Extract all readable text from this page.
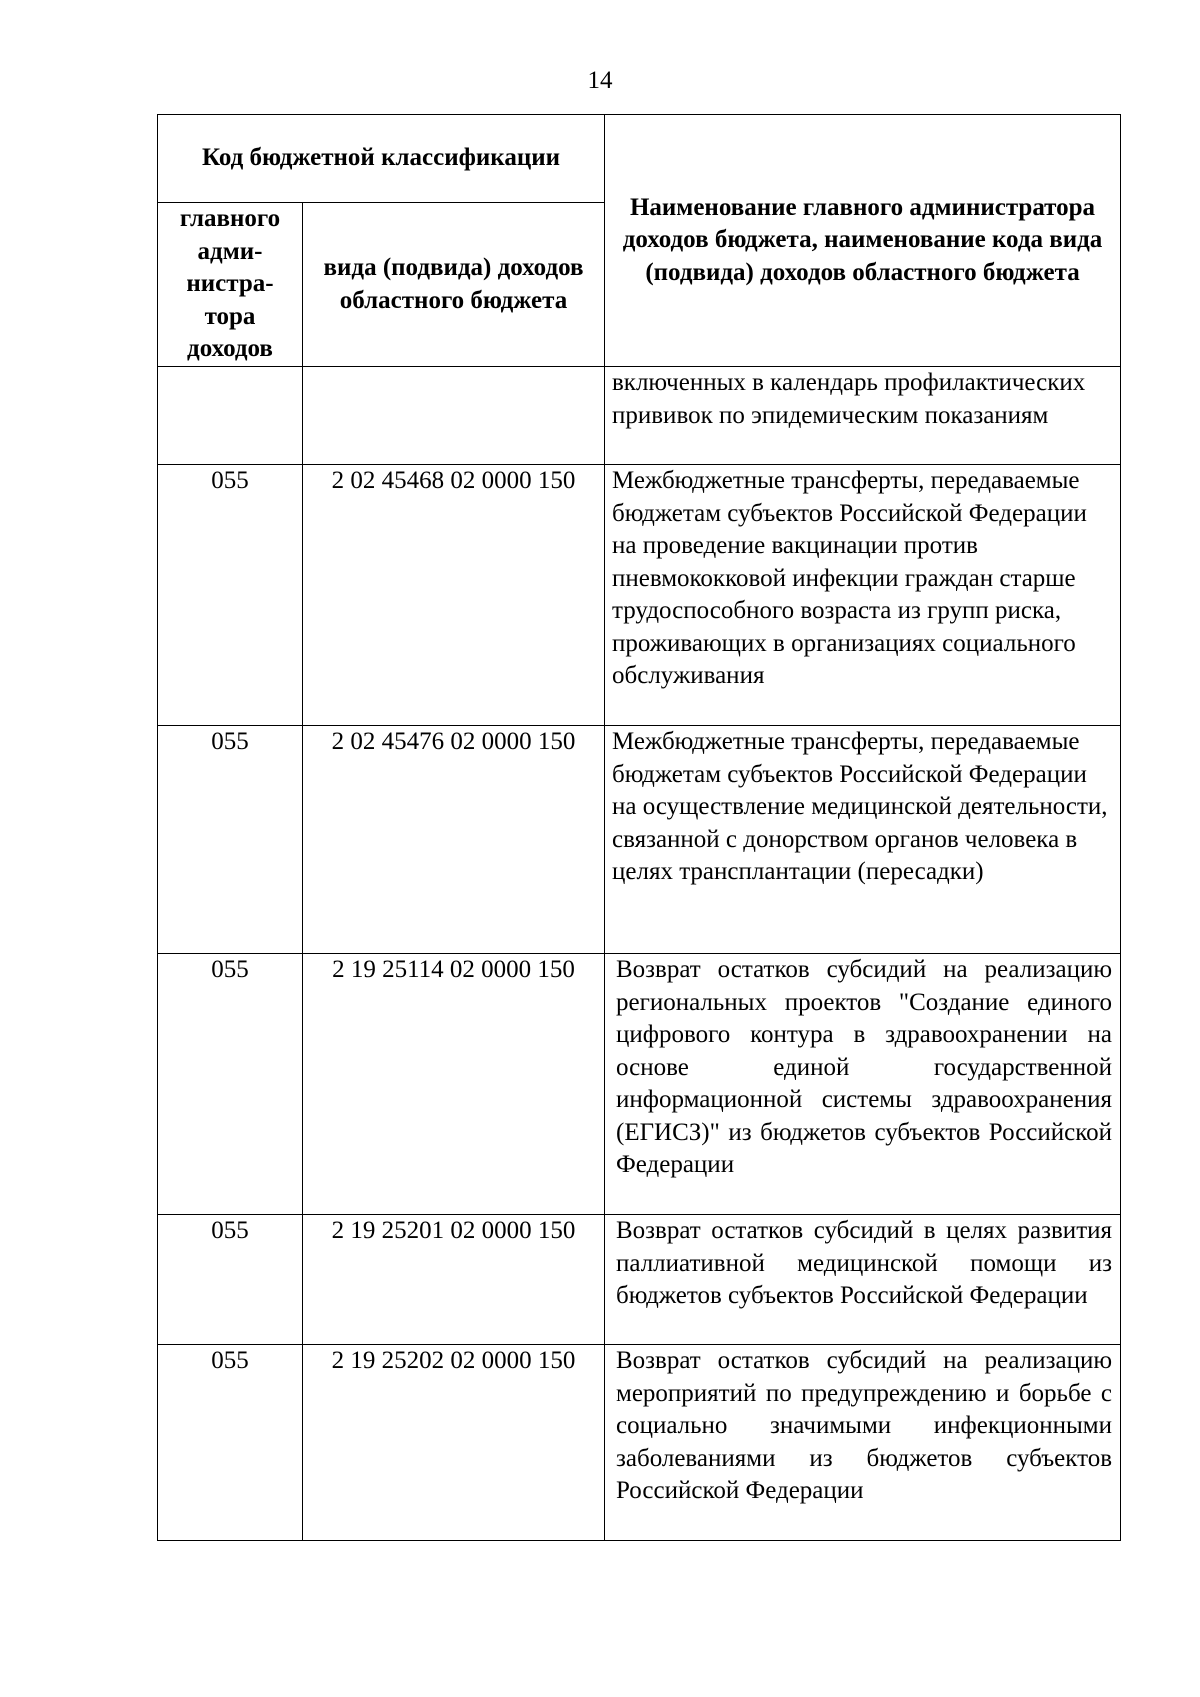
14
Код бюджетной классификации		Наименование главного администратора доходов бюджета, наименование кода вида (подвида) доходов областного бюджета
главного адми-нистра-тора доходов	вида (подвида) доходов областного бюджета	
		включенных в календарь профилактических прививок по эпидемическим показаниям
055	2 02 45468 02 0000 150	Межбюджетные трансферты, передаваемые бюджетам субъектов Российской Федерации на проведение вакцинации против пневмококковой инфекции граждан старше трудоспособного возраста из групп риска, проживающих в организациях социального обслуживания
055	2 02 45476 02 0000 150	Межбюджетные трансферты, передаваемые бюджетам субъектов Российской Федерации на осуществление медицинской деятельности, связанной с донорством органов человека в целях трансплантации (пересадки)
055	2 19 25114 02 0000 150	Возврат остатков субсидий на реализацию региональных проектов "Создание единого цифрового контура в здравоохранении на основе единой государственной информационной системы здравоохранения (ЕГИСЗ)" из бюджетов субъектов Российской Федерации
055	2 19 25201 02 0000 150	Возврат остатков субсидий в целях развития паллиативной медицинской помощи из бюджетов субъектов Российской Федерации
055	2 19 25202 02 0000 150	Возврат остатков субсидий на реализацию мероприятий по предупреждению и борьбе с социально значимыми инфекционными заболеваниями из бюджетов субъектов Российской Федерации
